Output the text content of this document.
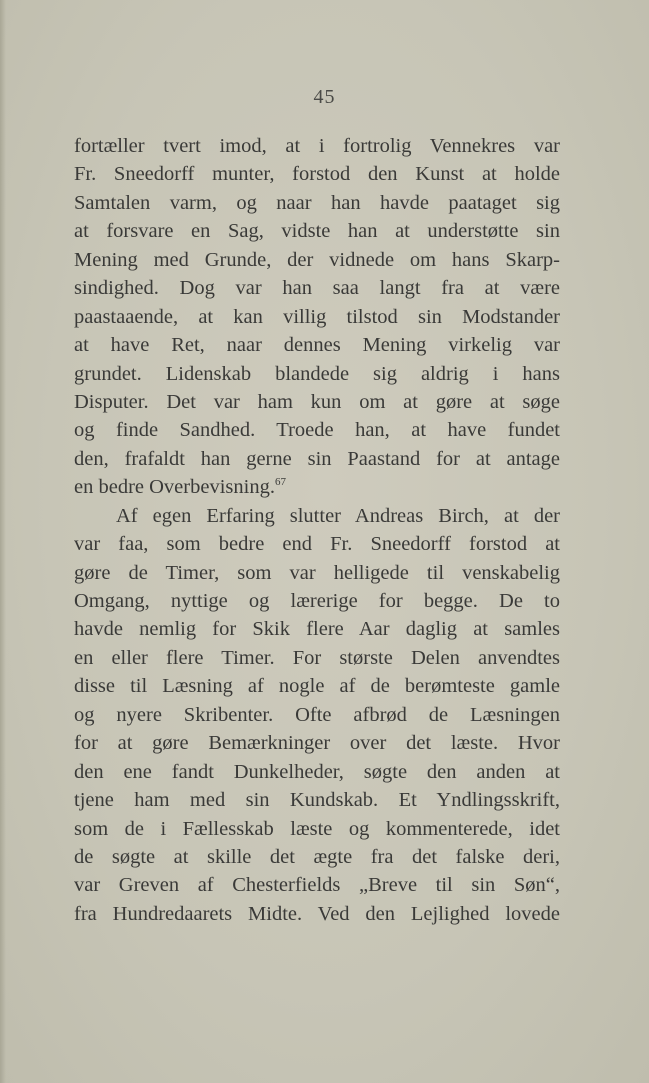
45
fortæller tvert imod, at i fortrolig Vennekres var
Fr. Sneedorff munter, forstod den Kunst at holde
Samtalen varm, og naar han havde paataget sig
at forsvare en Sag, vidste han at understøtte sin
Mening med Grunde, der vidnede om hans Skarp-
sindighed. Dog var han saa langt fra at være
paastaaende, at kan villig tilstod sin Modstander
at have Ret, naar dennes Mening virkelig var
grundet. Lidenskab blandede sig aldrig i hans
Disputer. Det var ham kun om at gøre at søge
og finde Sandhed. Troede han, at have fundet
den, frafaldt han gerne sin Paastand for at antage
en bedre Overbevisning.$^{67}$
Af egen Erfaring slutter Andreas Birch, at der
var faa, som bedre end Fr. Sneedorff forstod at
gøre de Timer, som var helligede til venskabelig
Omgang, nyttige og lærerige for begge. De to
havde nemlig for Skik flere Aar daglig at samles
en eller flere Timer. For største Delen anvendtes
disse til Læsning af nogle af de berømteste gamle
og nyere Skribenter. Ofte afbrød de Læsningen
for at gøre Bemærkninger over det læste. Hvor
den ene fandt Dunkelheder, søgte den anden at
tjene ham med sin Kundskab. Et Yndlingsskrift,
som de i Fællesskab læste og kommenterede, idet
de søgte at skille det ægte fra det falske deri,
var Greven af Chesterfields „Breve til sin Søn“,
fra Hundredaarets Midte. Ved den Lejlighed lovede
